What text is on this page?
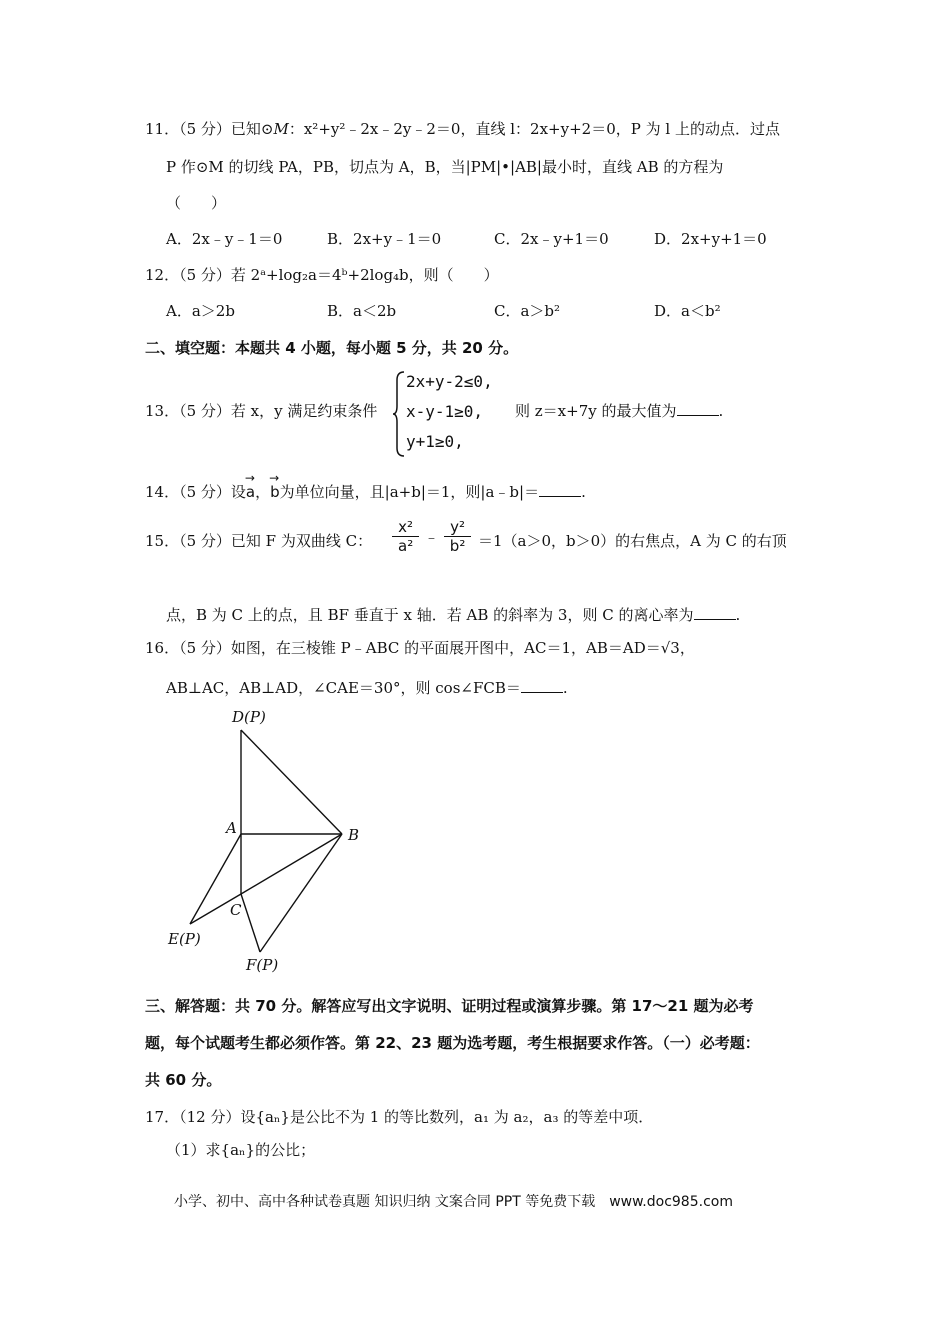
11．（5 分）已知⊙M：x²+y²﹣2x﹣2y﹣2＝0，直线 l：2x+y+2＝0，P 为 l 上的动点．过点
P 作⊙M 的切线 PA，PB，切点为 A，B，当|PM|•|AB|最小时，直线 AB 的方程为
（　　）
A．2x﹣y﹣1＝0	B．2x+y﹣1＝0	C．2x﹣y+1＝0	D．2x+y+1＝0
12．（5 分）若 2ᵃ+log₂a＝4ᵇ+2log₄b，则（　　）
A．a＞2b	B．a＜2b	C．a＞b²	D．a＜b²
二、填空题：本题共 4 小题，每小题 5 分，共 20 分。
13．（5 分）若 x，y 满足约束条件
2x+y-2≤0,
x-y-1≥0,
y+1≥0,
则 z＝x+7y 的最大值为	.
14．（5 分）设→ a，→ b为单位向量，且|a+b|＝1，则|a﹣b|＝	.
15．（5 分）已知 F 为双曲线 C： $\frac{\text{x²}}{\text{a²}}$ ﹣ $\frac{\text{y²}}{\text{b²}} =1(a>0$，b＞0）的右焦点，A 为 C 的右顶
点，B 为 C 上的点，且 BF 垂直于 x 轴．若 AB 的斜率为 3，则 C 的离心率为	.
16．（5 分）如图，在三棱锥 P﹣ABC 的平面展开图中，AC＝1，AB＝AD＝√3，
AB⊥AC，AB⊥AD，∠CAE＝30°，则 cos∠FCB＝	.
D(P)
A	B
C
E(P)
F(P)
三、解答题：共 70 分。解答应写出文字说明、证明过程或演算步骤。第 17～21 题为必考
题，每个试题考生都必须作答。第 22、23 题为选考题，考生根据要求作答。（一）必考题：
共 60 分。
17．（12 分）设{aₙ}是公比不为 1 的等比数列，a₁ 为 a₂，a₃ 的等差中项．
（1）求{aₙ}的公比；
小学、初中、高中各种试卷真题 知识归纳 文案合同 PPT 等免费下载　www.doc985.com
